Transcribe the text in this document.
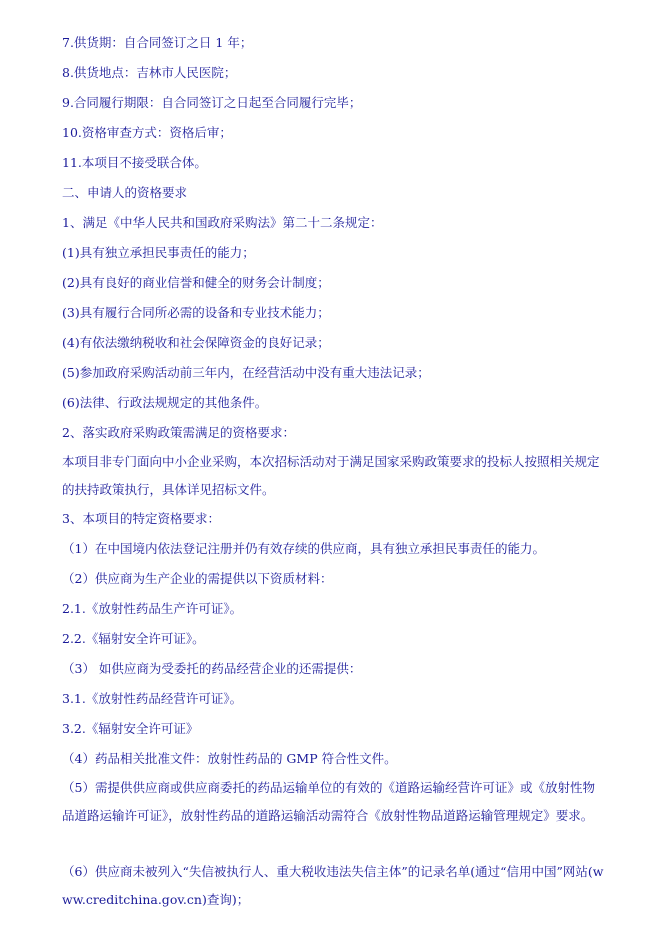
7.供货期：自合同签订之日 1 年；
8.供货地点：吉林市人民医院；
9.合同履行期限：自合同签订之日起至合同履行完毕；
10.资格审查方式：资格后审；
11.本项目不接受联合体。
二、申请人的资格要求
1、满足《中华人民共和国政府采购法》第二十二条规定：
(1)具有独立承担民事责任的能力；
(2)具有良好的商业信誉和健全的财务会计制度；
(3)具有履行合同所必需的设备和专业技术能力；
(4)有依法缴纳税收和社会保障资金的良好记录；
(5)参加政府采购活动前三年内，在经营活动中没有重大违法记录；
(6)法律、行政法规规定的其他条件。
2、落实政府采购政策需满足的资格要求：
本项目非专门面向中小企业采购，本次招标活动对于满足国家采购政策要求的投标人按照相关规定的扶持政策执行，具体详见招标文件。
3、本项目的特定资格要求：
（1）在中国境内依法登记注册并仍有效存续的供应商，具有独立承担民事责任的能力。
（2）供应商为生产企业的需提供以下资质材料：
2.1.《放射性药品生产许可证》。
2.2.《辐射安全许可证》。
（3） 如供应商为受委托的药品经营企业的还需提供：
3.1.《放射性药品经营许可证》。
3.2.《辐射安全许可证》
（4）药品相关批准文件：放射性药品的 GMP 符合性文件。
（5）需提供供应商或供应商委托的药品运输单位的有效的《道路运输经营许可证》或《放射性物品道路运输许可证》，放射性药品的道路运输活动需符合《放射性物品道路运输管理规定》要求。
（6）供应商未被列入“失信被执行人、重大税收违法失信主体”的记录名单(通过“信用中国”网站(www.creditchina.gov.cn)查询)；
